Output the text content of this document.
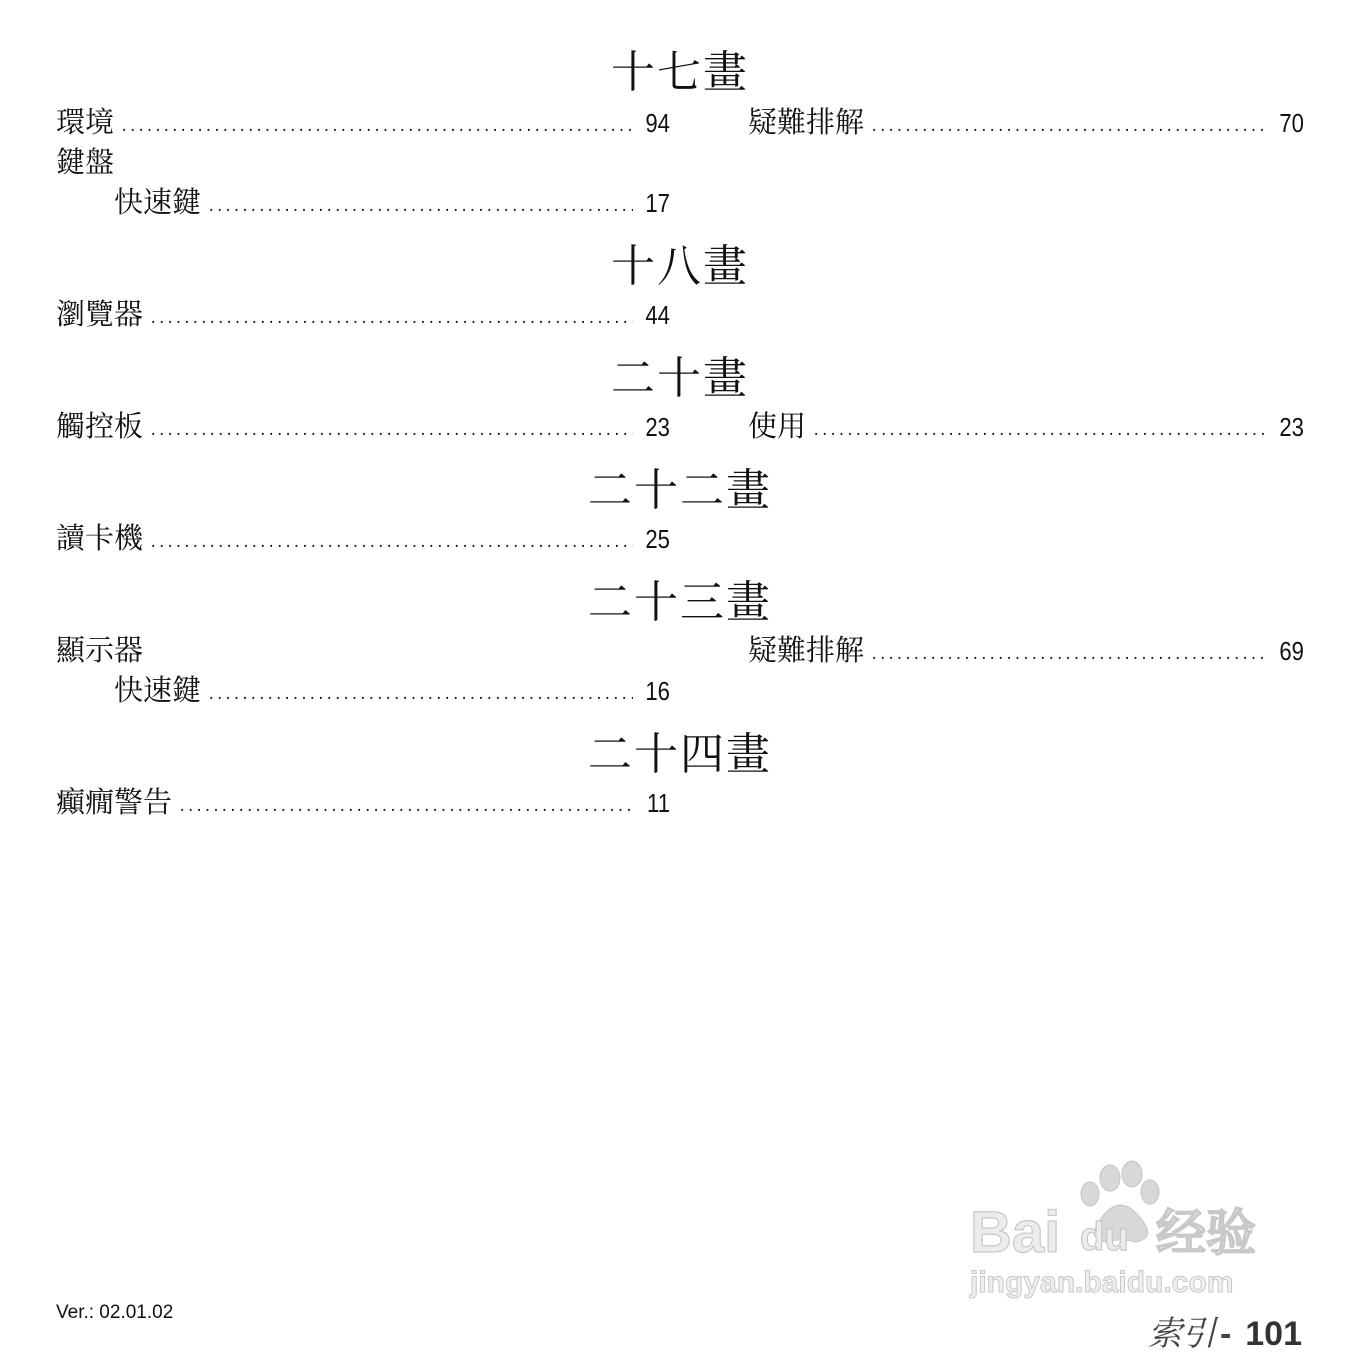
十七畫
環境 .....	94	疑難排解 .....	70
鍵盤
快速鍵 .....	17
十八畫
瀏覽器 .....	44
二十畫
觸控板 .....	23	使用 .....	23
二十二畫
讀卡機 .....	25
二十三畫
顯示器	疑難排解 .....	69
快速鍵 .....	16
二十四畫
癲癇警告 .....	11
Bai du 经验
jingyan.baidu.com
Ver.: 02.01.02
索引 - 101
